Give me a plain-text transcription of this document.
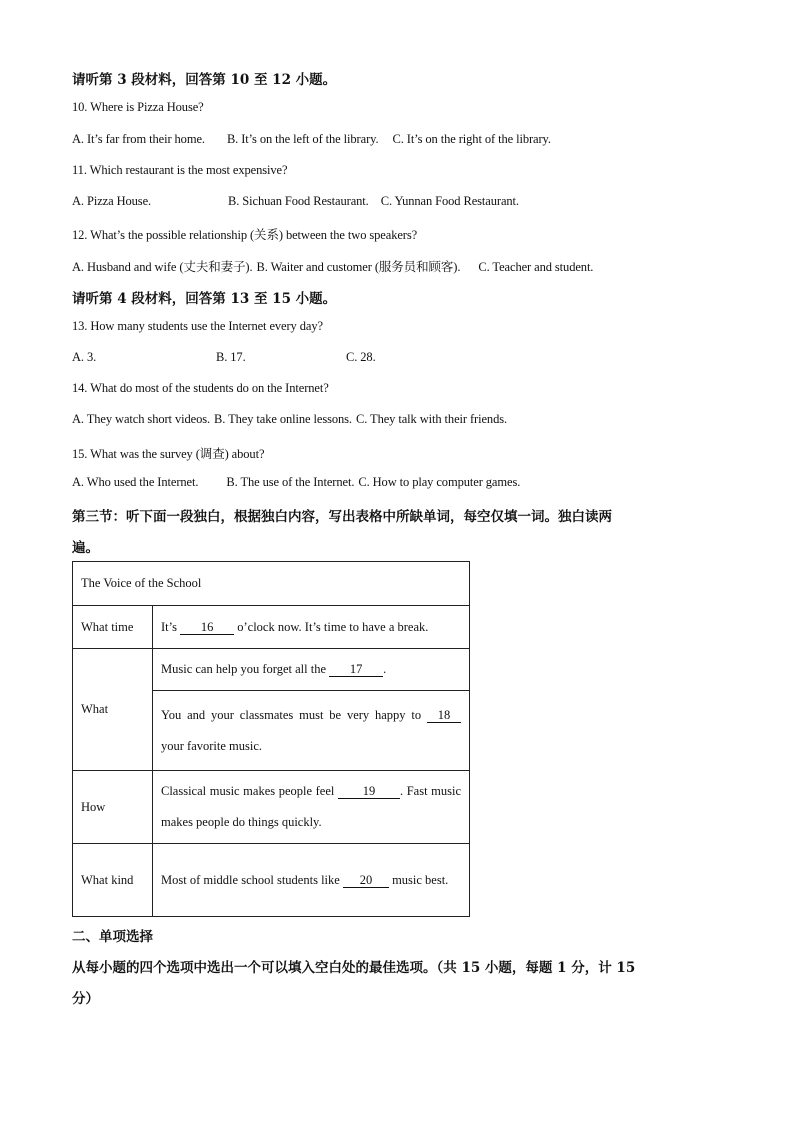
请听第 3 段材料，回答第 10 至 12 小题。
10. Where is Pizza House?
A. It’s far from their home. B. It’s on the left of the library. C. It’s on the right of the library.
11. Which restaurant is the most expensive?
A. Pizza House.	B. Sichuan Food Restaurant. C. Yunnan Food Restaurant.
12. What’s the possible relationship (关系) between the two speakers?
A. Husband and wife (丈夫和妻子). B. Waiter and customer (服务员和顾客). C. Teacher and student.
请听第 4 段材料，回答第 13 至 15 小题。
13. How many students use the Internet every day?
A. 3.	B. 17.	C. 28.
14. What do most of the students do on the Internet?
A. They watch short videos. B. They take online lessons. C. They talk with their friends.
15. What was the survey (调查) about?
A. Who used the Internet. B. The use of the Internet. C. How to play computer games.
第三节：听下面一段独白，根据独白内容，写出表格中所缺单词，每空仅填一词。独白读两
遍。
The Voice of the School	
What time	It’s 16 o’clock now. It’s time to have a break.
What	Music can help you forget all the 17 .
	You and your classmates must be very happy to 18 your favorite music.
How	Classical music makes people feel 19 . Fast music makes people do things quickly.
What kind	Most of middle school students like 20 music best.
二、单项选择
从每小题的四个选项中选出一个可以填入空白处的最佳选项。（共 15 小题，每题 1 分，计 15
分）
